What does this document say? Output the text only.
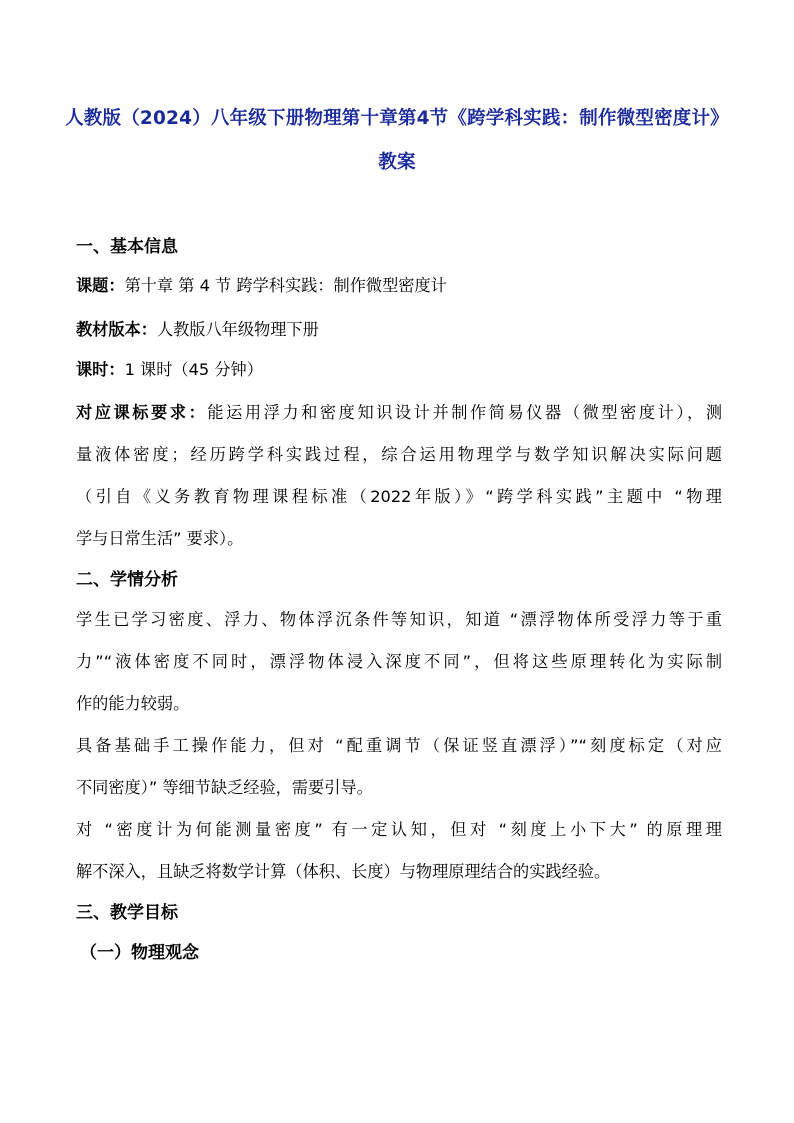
人教版（2024）八年级下册物理第十章第4节《跨学科实践：制作微型密度计》
教案
一、基本信息
课题：第十章 第 4 节 跨学科实践：制作微型密度计
教材版本：人教版八年级物理下册
课时：1 课时（45 分钟）
对应课标要求：能运用浮力和密度知识设计并制作简易仪器（微型密度计），测
量液体密度；经历跨学科实践过程，综合运用物理学与数学知识解决实际问题
（引自《义务教育物理课程标准（2022年版）》“跨学科实践”主题中 “物理
学与日常生活” 要求）。
二、学情分析
学生已学习密度、浮力、物体浮沉条件等知识，知道 “漂浮物体所受浮力等于重
力”“液体密度不同时，漂浮物体浸入深度不同”，但将这些原理转化为实际制
作的能力较弱。
具备基础手工操作能力，但对 “配重调节（保证竖直漂浮）”“刻度标定（对应
不同密度）” 等细节缺乏经验，需要引导。
对 “密度计为何能测量密度” 有一定认知，但对 “刻度上小下大” 的原理理
解不深入，且缺乏将数学计算（体积、长度）与物理原理结合的实践经验。
三、教学目标
（一）物理观念
